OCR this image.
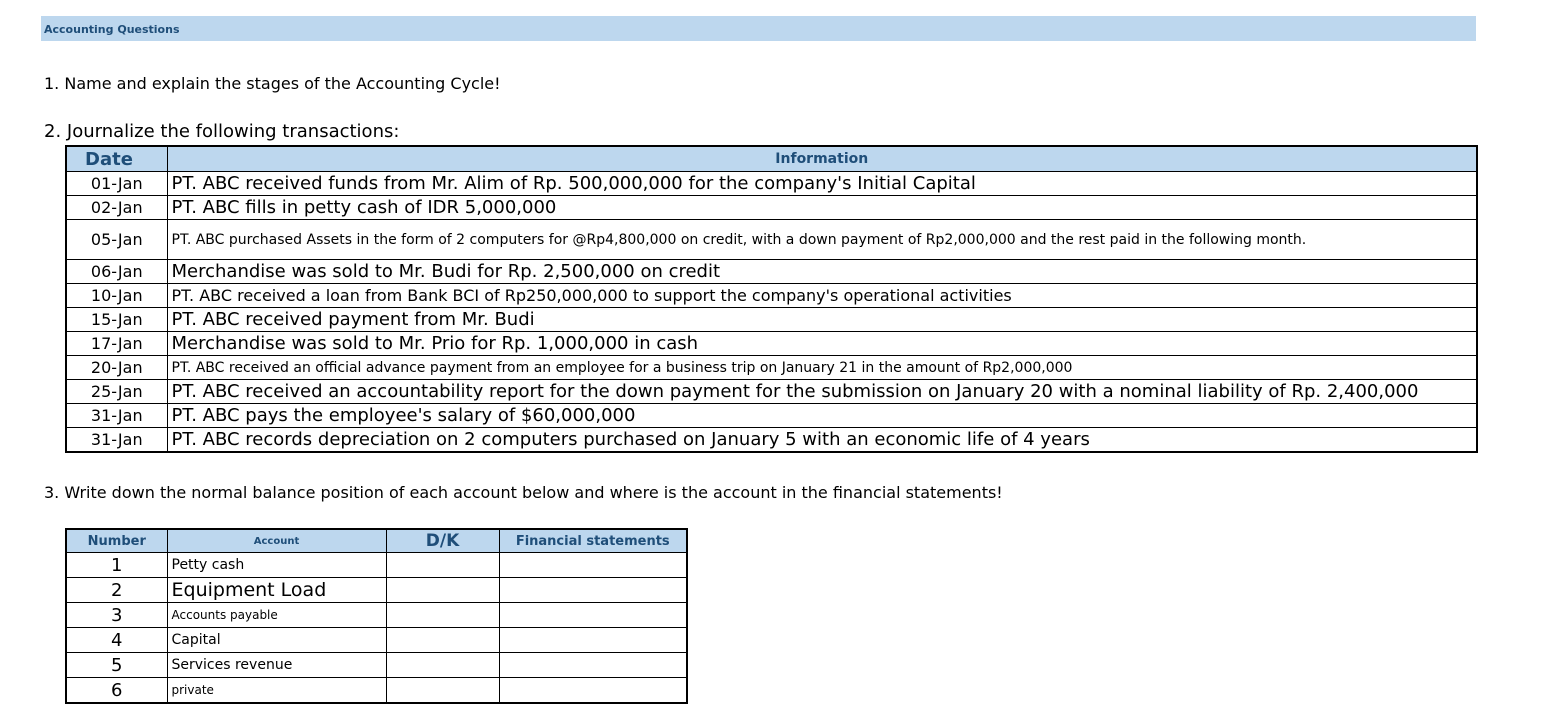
Accounting Questions
1. Name and explain the stages of the Accounting Cycle!
2. Journalize the following transactions:
Date	Information
01-Jan	PT. ABC received funds from Mr. Alim of Rp. 500,000,000 for the company's Initial Capital
02-Jan	PT. ABC fills in petty cash of IDR 5,000,000
05-Jan	PT. ABC purchased Assets in the form of 2 computers for @Rp4,800,000 on credit, with a down payment of Rp2,000,000 and the rest paid in the following month.
06-Jan	Merchandise was sold to Mr. Budi for Rp. 2,500,000 on credit
10-Jan	PT. ABC received a loan from Bank BCI of Rp250,000,000 to support the company's operational activities
15-Jan	PT. ABC received payment from Mr. Budi
17-Jan	Merchandise was sold to Mr. Prio for Rp. 1,000,000 in cash
20-Jan	PT. ABC received an official advance payment from an employee for a business trip on January 21 in the amount of Rp2,000,000
25-Jan	PT. ABC received an accountability report for the down payment for the submission on January 20 with a nominal liability of Rp. 2,400,000
31-Jan	PT. ABC pays the employee's salary of $60,000,000
31-Jan	PT. ABC records depreciation on 2 computers purchased on January 5 with an economic life of 4 years
3. Write down the normal balance position of each account below and where is the account in the financial statements!
Number	Account	D/K	Financial statements
1	Petty cash		
2	Equipment Load		
3	Accounts payable		
4	Capital		
5	Services revenue		
6	private		
